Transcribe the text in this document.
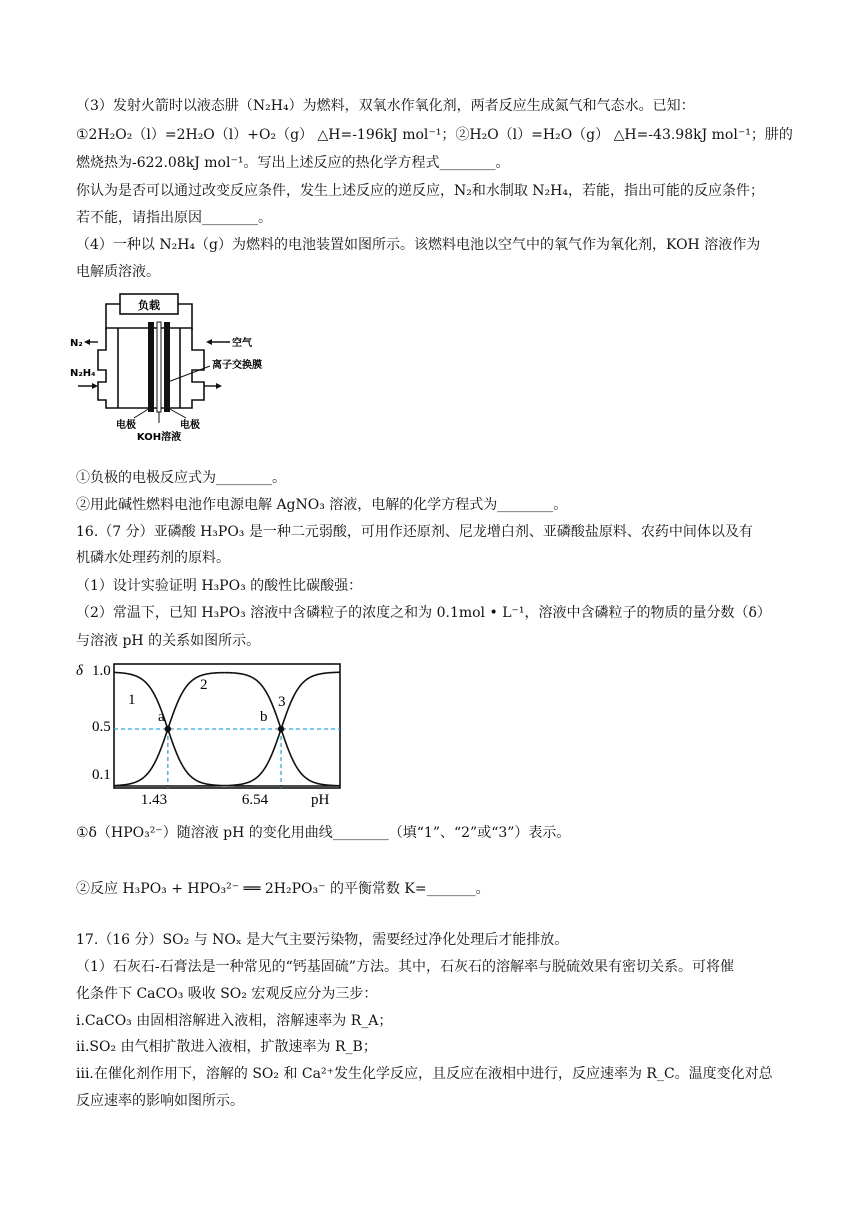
（3）发射火箭时以液态肼（N₂H₄）为燃料，双氧水作氧化剂，两者反应生成氮气和气态水。已知：
①2H₂O₂（l）=2H₂O（l）+O₂（g） △H=-196kJ mol⁻¹；②H₂O（l）=H₂O（g） △H=-43.98kJ mol⁻¹；肼的
燃烧热为-622.08kJ mol⁻¹。写出上述反应的热化学方程式________。
你认为是否可以通过改变反应条件，发生上述反应的逆反应，N₂和水制取 N₂H₄，若能，指出可能的反应条件；
若不能，请指出原因________。
（4）一种以 N₂H₄（g）为燃料的电池装置如图所示。该燃料电池以空气中的氧气作为氧化剂，KOH 溶液作为
电解质溶液。
负载
N₂
N₂H₄
空气
离子交换膜
电极	电极
KOH溶液
①负极的电极反应式为________。
②用此碱性燃料电池作电源电解 AgNO₃ 溶液，电解的化学方程式为________。
16.（7 分）亚磷酸 H₃PO₃ 是一种二元弱酸，可用作还原剂、尼龙增白剂、亚磷酸盐原料、农药中间体以及有
机磷水处理药剂的原料。
（1）设计实验证明 H₃PO₃ 的酸性比碳酸强：
（2）常温下，已知 H₃PO₃ 溶液中含磷粒子的浓度之和为 0.1mol • L⁻¹，溶液中含磷粒子的物质的量分数（δ）
与溶液 pH 的关系如图所示。
δ 1.0
0.5
0.1
1.43	6.54	pH
1
2
3
a	b
①δ（HPO₃²⁻）随溶液 pH 的变化用曲线________（填“1”、“2”或“3”）表示。
②反应 H₃PO₃ + HPO₃²⁻ ══ 2H₂PO₃⁻ 的平衡常数 K=_______。
17.（16 分）SO₂ 与 NOₓ 是大气主要污染物，需要经过净化处理后才能排放。
（1）石灰石-石膏法是一种常见的“钙基固硫”方法。其中，石灰石的溶解率与脱硫效果有密切关系。可将催
化条件下 CaCO₃ 吸收 SO₂ 宏观反应分为三步：
i.CaCO₃ 由固相溶解进入液相，溶解速率为 R_A；
ii.SO₂ 由气相扩散进入液相，扩散速率为 R_B；
iii.在催化剂作用下，溶解的 SO₂ 和 Ca²⁺发生化学反应，且反应在液相中进行，反应速率为 R_C。温度变化对总
反应速率的影响如图所示。
